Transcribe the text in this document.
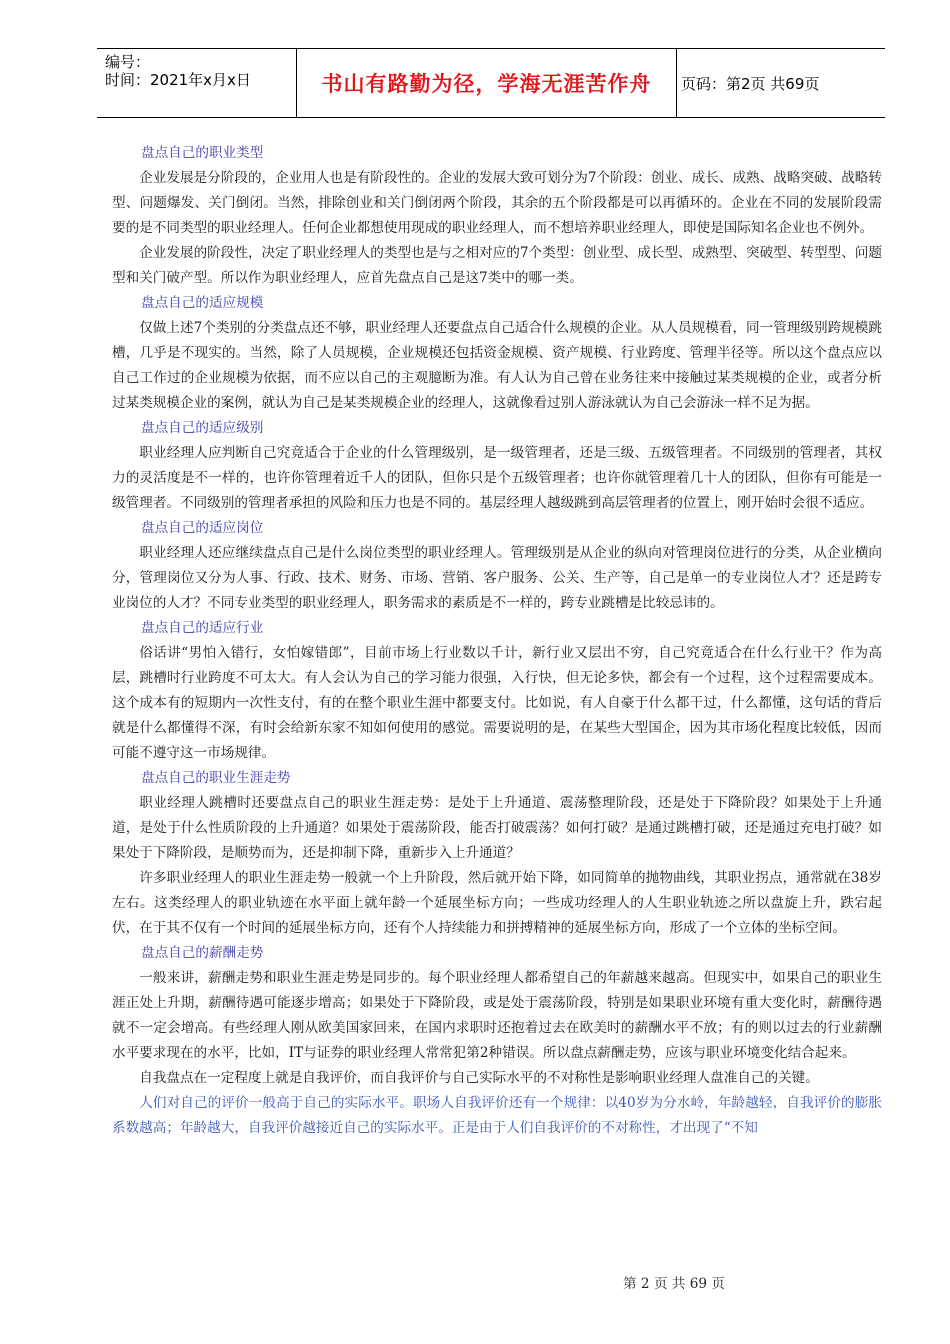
编号：
时间：2021年x月x日	书山有路勤为径，学海无涯苦作舟 页码：第2页 共69页
盘点自己的职业类型

企业发展是分阶段的，企业用人也是有阶段性的。企业的发展大致可划分为7个阶段：创业、成长、成熟、战略突破、战略转型、问题爆发、关门倒闭。当然，排除创业和关门倒闭两个阶段，其余的五个阶段都是可以再循环的。企业在不同的发展阶段需要的是不同类型的职业经理人。任何企业都想使用现成的职业经理人，而不想培养职业经理人，即使是国际知名企业也不例外。

企业发展的阶段性，决定了职业经理人的类型也是与之相对应的7个类型：创业型、成长型、成熟型、突破型、转型型、问题型和关门破产型。所以作为职业经理人，应首先盘点自己是这7类中的哪一类。

盘点自己的适应规模

仅做上述7个类别的分类盘点还不够，职业经理人还要盘点自己适合什么规模的企业。从人员规模看，同一管理级别跨规模跳槽，几乎是不现实的。当然，除了人员规模，企业规模还包括资金规模、资产规模、行业跨度、管理半径等。所以这个盘点应以自己工作过的企业规模为依据，而不应以自己的主观臆断为准。有人认为自己曾在业务往来中接触过某类规模的企业，或者分析过某类规模企业的案例，就认为自己是某类规模企业的经理人，这就像看过别人游泳就认为自己会游泳一样不足为据。

盘点自己的适应级别

职业经理人应判断自己究竟适合于企业的什么管理级别，是一级管理者，还是三级、五级管理者。不同级别的管理者，其权力的灵活度是不一样的，也许你管理着近千人的团队，但你只是个五级管理者；也许你就管理着几十人的团队，但你有可能是一级管理者。不同级别的管理者承担的风险和压力也是不同的。基层经理人越级跳到高层管理者的位置上，刚开始时会很不适应。

盘点自己的适应岗位

职业经理人还应继续盘点自己是什么岗位类型的职业经理人。管理级别是从企业的纵向对管理岗位进行的分类，从企业横向分，管理岗位又分为人事、行政、技术、财务、市场、营销、客户服务、公关、生产等，自己是单一的专业岗位人才？还是跨专业岗位的人才？不同专业类型的职业经理人，职务需求的素质是不一样的，跨专业跳槽是比较忌讳的。

盘点自己的适应行业

俗话讲“男怕入错行，女怕嫁错郎”，目前市场上行业数以千计，新行业又层出不穷，自己究竟适合在什么行业干？作为高层，跳槽时行业跨度不可太大。有人会认为自己的学习能力很强，入行快，但无论多快，都会有一个过程，这个过程需要成本。这个成本有的短期内一次性支付，有的在整个职业生涯中都要支付。比如说，有人自豪于什么都干过，什么都懂，这句话的背后就是什么都懂得不深，有时会给新东家不知如何使用的感觉。需要说明的是，在某些大型国企，因为其市场化程度比较低，因而可能不遵守这一市场规律。

盘点自己的职业生涯走势

职业经理人跳槽时还要盘点自己的职业生涯走势：是处于上升通道、震荡整理阶段，还是处于下降阶段？如果处于上升通道，是处于什么性质阶段的上升通道？如果处于震荡阶段，能否打破震荡？如何打破？是通过跳槽打破，还是通过充电打破？如果处于下降阶段，是顺势而为，还是抑制下降，重新步入上升通道？

许多职业经理人的职业生涯走势一般就一个上升阶段，然后就开始下降，如同简单的抛物曲线，其职业拐点，通常就在38岁左右。这类经理人的职业轨迹在水平面上就年龄一个延展坐标方向；一些成功经理人的人生职业轨迹之所以盘旋上升，跌宕起伏，在于其不仅有一个时间的延展坐标方向，还有个人持续能力和拼搏精神的延展坐标方向，形成了一个立体的坐标空间。

盘点自己的薪酬走势

一般来讲，薪酬走势和职业生涯走势是同步的。每个职业经理人都希望自己的年薪越来越高。但现实中，如果自己的职业生涯正处上升期，薪酬待遇可能逐步增高；如果处于下降阶段，或是处于震荡阶段，特别是如果职业环境有重大变化时，薪酬待遇就不一定会增高。有些经理人刚从欧美国家回来，在国内求职时还抱着过去在欧美时的薪酬水平不放；有的则以过去的行业薪酬水平要求现在的水平，比如，IT与证券的职业经理人常常犯第2种错误。所以盘点薪酬走势，应该与职业环境变化结合起来。

自我盘点在一定程度上就是自我评价，而自我评价与自己实际水平的不对称性是影响职业经理人盘准自己的关键。

人们对自己的评价一般高于自己的实际水平。职场人自我评价还有一个规律：以40岁为分水岭，年龄越轻，自我评价的膨胀系数越高；年龄越大，自我评价越接近自己的实际水平。正是由于人们自我评价的不对称性，才出现了“不知

第 2 页 共 69 页
